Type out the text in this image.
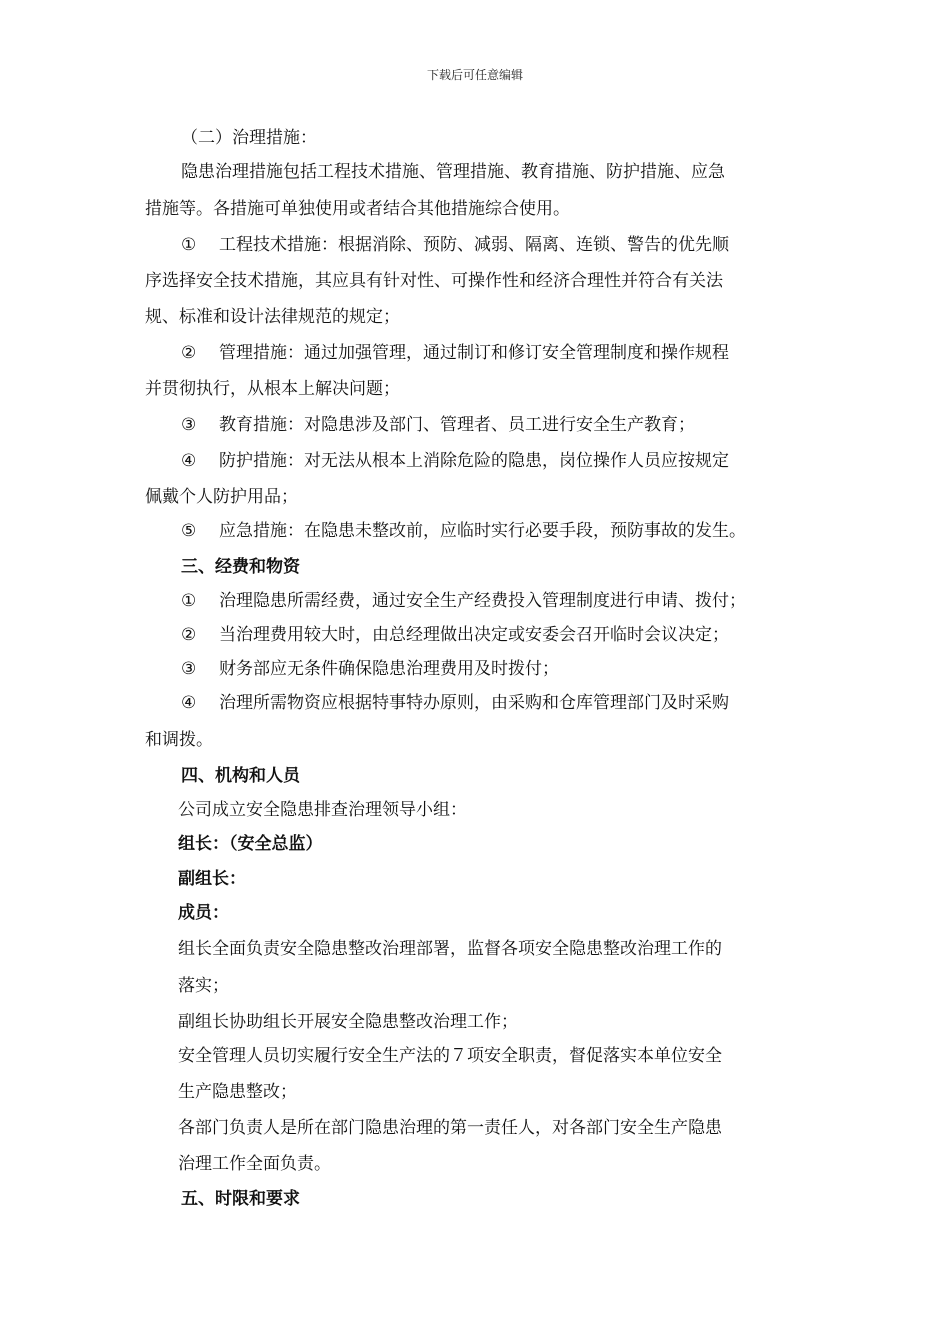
下载后可任意编辑
（二）治理措施：
隐患治理措施包括工程技术措施、管理措施、教育措施、防护措施、应急
措施等。各措施可单独使用或者结合其他措施综合使用。
① 工程技术措施：根据消除、预防、减弱、隔离、连锁、警告的优先顺
序选择安全技术措施，其应具有针对性、可操作性和经济合理性并符合有关法
规、标准和设计法律规范的规定；
② 管理措施：通过加强管理，通过制订和修订安全管理制度和操作规程
并贯彻执行，从根本上解决问题；
③ 教育措施：对隐患涉及部门、管理者、员工进行安全生产教育；
④ 防护措施：对无法从根本上消除危险的隐患，岗位操作人员应按规定
佩戴个人防护用品；
⑤ 应急措施：在隐患未整改前，应临时实行必要手段，预防事故的发生。
三、经费和物资
① 治理隐患所需经费，通过安全生产经费投入管理制度进行申请、拨付；
② 当治理费用较大时，由总经理做出决定或安委会召开临时会议决定；
③ 财务部应无条件确保隐患治理费用及时拨付；
④ 治理所需物资应根据特事特办原则，由采购和仓库管理部门及时采购
和调拨。
四、机构和人员
公司成立安全隐患排查治理领导小组：
组长：（安全总监）
副组长：
成员：
组长全面负责安全隐患整改治理部署，监督各项安全隐患整改治理工作的
落实；
副组长协助组长开展安全隐患整改治理工作；
安全管理人员切实履行安全生产法的７项安全职责，督促落实本单位安全
生产隐患整改；
各部门负责人是所在部门隐患治理的第一责任人，对各部门安全生产隐患
治理工作全面负责。
五、时限和要求
